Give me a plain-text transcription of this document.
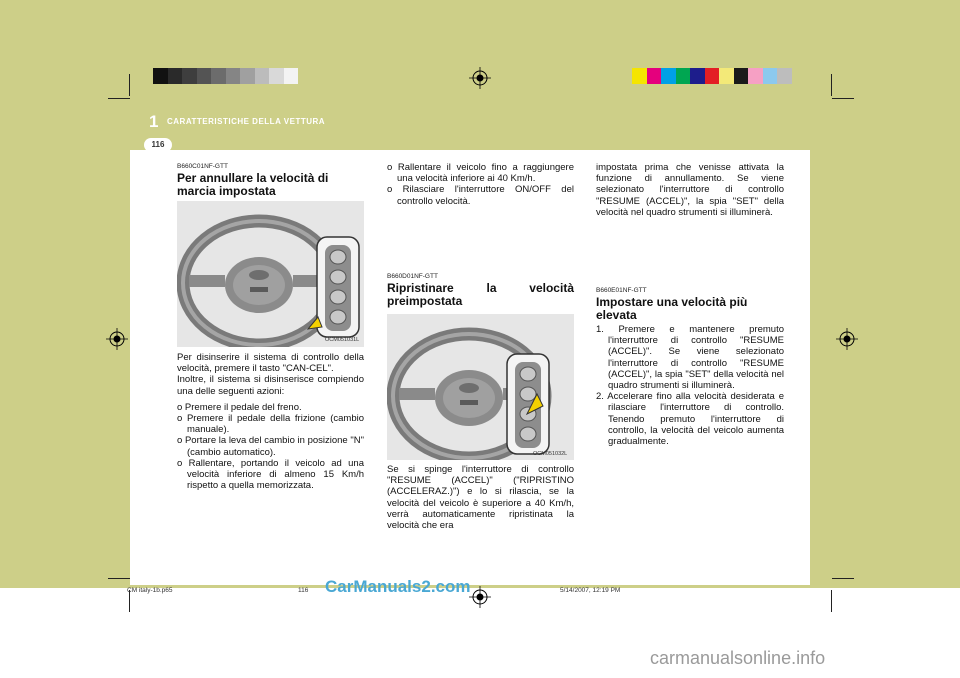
1 CARATTERISTICHE DELLA VETTURA
116
B660C01NF-GTT
Per annullare la velocità di marcia impostata
OCM051031L
Per disinserire il sistema di controllo della velocità, premere il tasto "CAN-CEL".
Inoltre, il sistema si disinserisce compiendo una delle seguenti azioni:
o Premere il pedale del freno.
o Premere il pedale della frizione (cambio manuale).
o Portare la leva del cambio in posizione "N" (cambio automatico).
o Rallentare, portando il veicolo ad una velocità inferiore di almeno 15 Km/h rispetto a quella memorizzata.
o Rallentare il veicolo fino a raggiungere una velocità inferiore ai 40 Km/h.
o Rilasciare l'interruttore ON/OFF del controllo velocità.
B660D01NF-GTT
Ripristinare la velocità preimpostata
OCM051032L
Se si spinge l'interruttore di controllo "RESUME (ACCEL)" ("RIPRISTINO (ACCELERAZ.)") e lo si rilascia, se la velocità del veicolo è superiore a 40 Km/h, verrà automaticamente ripristinata la velocità che era
impostata prima che venisse attivata la funzione di annullamento. Se viene selezionato l'interruttore di controllo "RESUME (ACCEL)", la spia "SET" della velocità nel quadro strumenti si illuminerà.
B660E01NF-GTT
Impostare una velocità più elevata
1. Premere e mantenere premuto l'interruttore di controllo "RESUME (ACCEL)". Se viene selezionato l'interruttore di controllo "RESUME (ACCEL)", la spia "SET" della velocità nel quadro strumenti si illuminerà.
2. Accelerare fino alla velocità desiderata e rilasciare l'interruttore di controllo. Tenendo premuto l'interruttore di controllo, la velocità del veicolo aumenta gradualmente.
CM italy-1b.p65	116	5/14/2007, 12:19 PM
CarManuals2.com
carmanualsonline.info
